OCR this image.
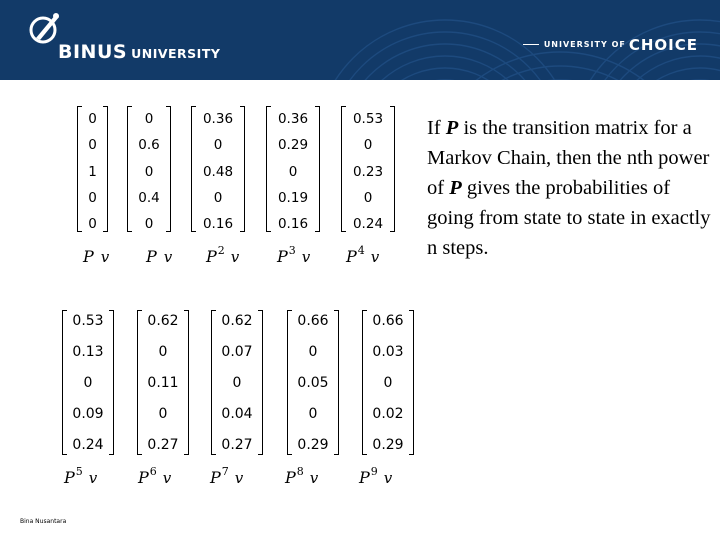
BINUS UNIVERSITY
UNIVERSITY OF CHOICE
0
0
1
0
0
P v
0
0.6
0
0.4
0
P v
0.36
0
0.48
0
0.16
$P^2$ v
0.36
0.29
0
0.19
0.16
$P^3$ v
0.53
0
0.23
0
0.24
$P^4$ v
If P is the transition matrix for a Markov Chain, then the nth power of P gives the probabilities of going from state to state in exactly n steps.
0.53
0.13
0
0.09
0.24
$P^5$ v
0.62
0
0.11
0
0.27
$P^6$ v
0.62
0.07
0
0.04
0.27
$P^7$ v
0.66
0
0.05
0
0.29
$P^8$ v
0.66
0.03
0
0.02
0.29
$P^9$ v
Bina Nusantara
